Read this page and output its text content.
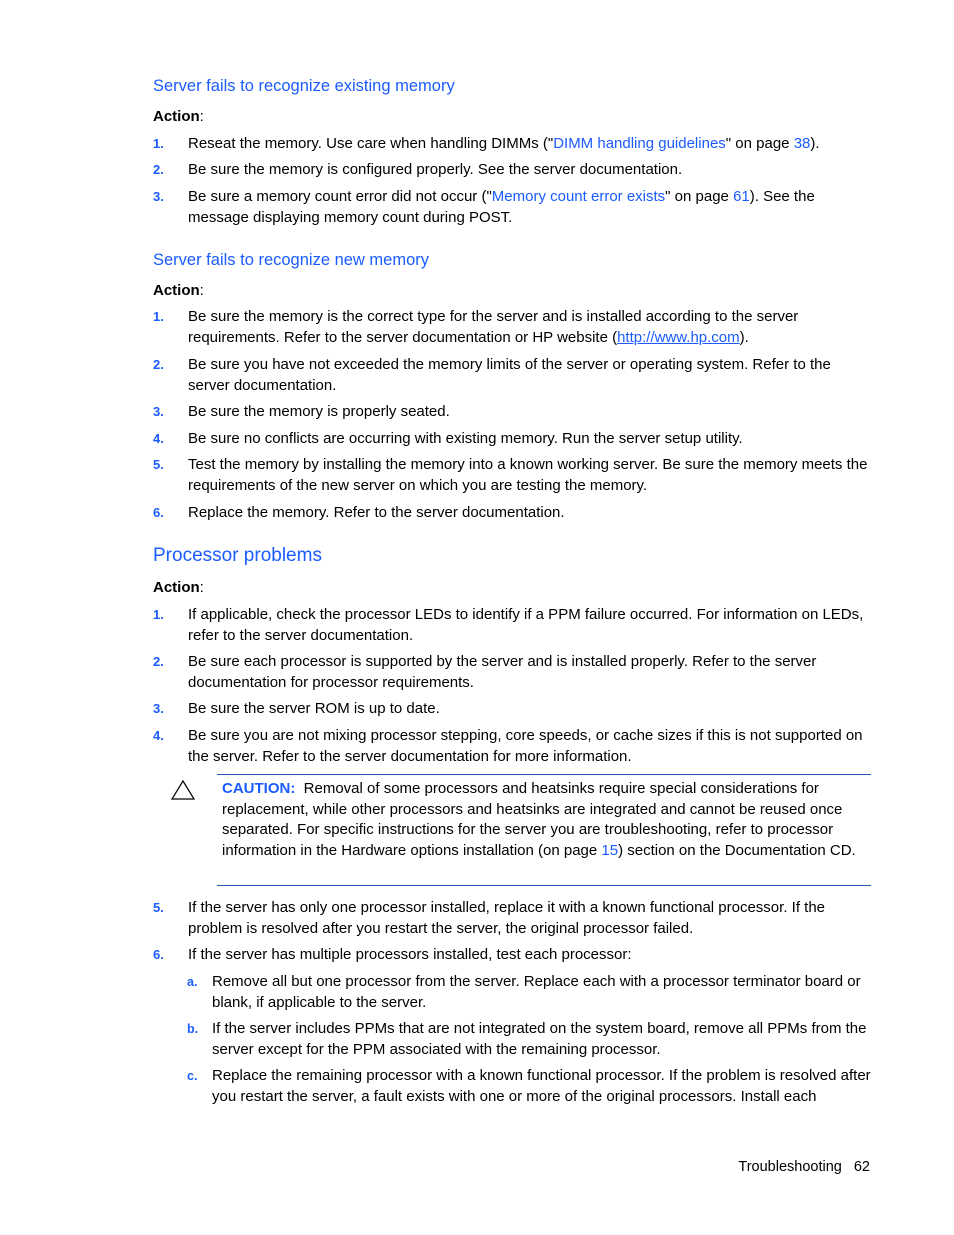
Server fails to recognize existing memory
Action:
1. Reseat the memory. Use care when handling DIMMs ("DIMM handling guidelines" on page 38).
2. Be sure the memory is configured properly. See the server documentation.
3. Be sure a memory count error did not occur ("Memory count error exists" on page 61). See the message displaying memory count during POST.
Server fails to recognize new memory
Action:
1. Be sure the memory is the correct type for the server and is installed according to the server requirements. Refer to the server documentation or HP website (http://www.hp.com).
2. Be sure you have not exceeded the memory limits of the server or operating system. Refer to the server documentation.
3. Be sure the memory is properly seated.
4. Be sure no conflicts are occurring with existing memory. Run the server setup utility.
5. Test the memory by installing the memory into a known working server. Be sure the memory meets the requirements of the new server on which you are testing the memory.
6. Replace the memory. Refer to the server documentation.
Processor problems
Action:
1. If applicable, check the processor LEDs to identify if a PPM failure occurred. For information on LEDs, refer to the server documentation.
2. Be sure each processor is supported by the server and is installed properly. Refer to the server documentation for processor requirements.
3. Be sure the server ROM is up to date.
4. Be sure you are not mixing processor stepping, core speeds, or cache sizes if this is not supported on the server. Refer to the server documentation for more information.
CAUTION: Removal of some processors and heatsinks require special considerations for replacement, while other processors and heatsinks are integrated and cannot be reused once separated. For specific instructions for the server you are troubleshooting, refer to processor information in the Hardware options installation (on page 15) section on the Documentation CD.
5. If the server has only one processor installed, replace it with a known functional processor. If the problem is resolved after you restart the server, the original processor failed.
6. If the server has multiple processors installed, test each processor:
a. Remove all but one processor from the server. Replace each with a processor terminator board or blank, if applicable to the server.
b. If the server includes PPMs that are not integrated on the system board, remove all PPMs from the server except for the PPM associated with the remaining processor.
c. Replace the remaining processor with a known functional processor. If the problem is resolved after you restart the server, a fault exists with one or more of the original processors. Install each
Troubleshooting 62
